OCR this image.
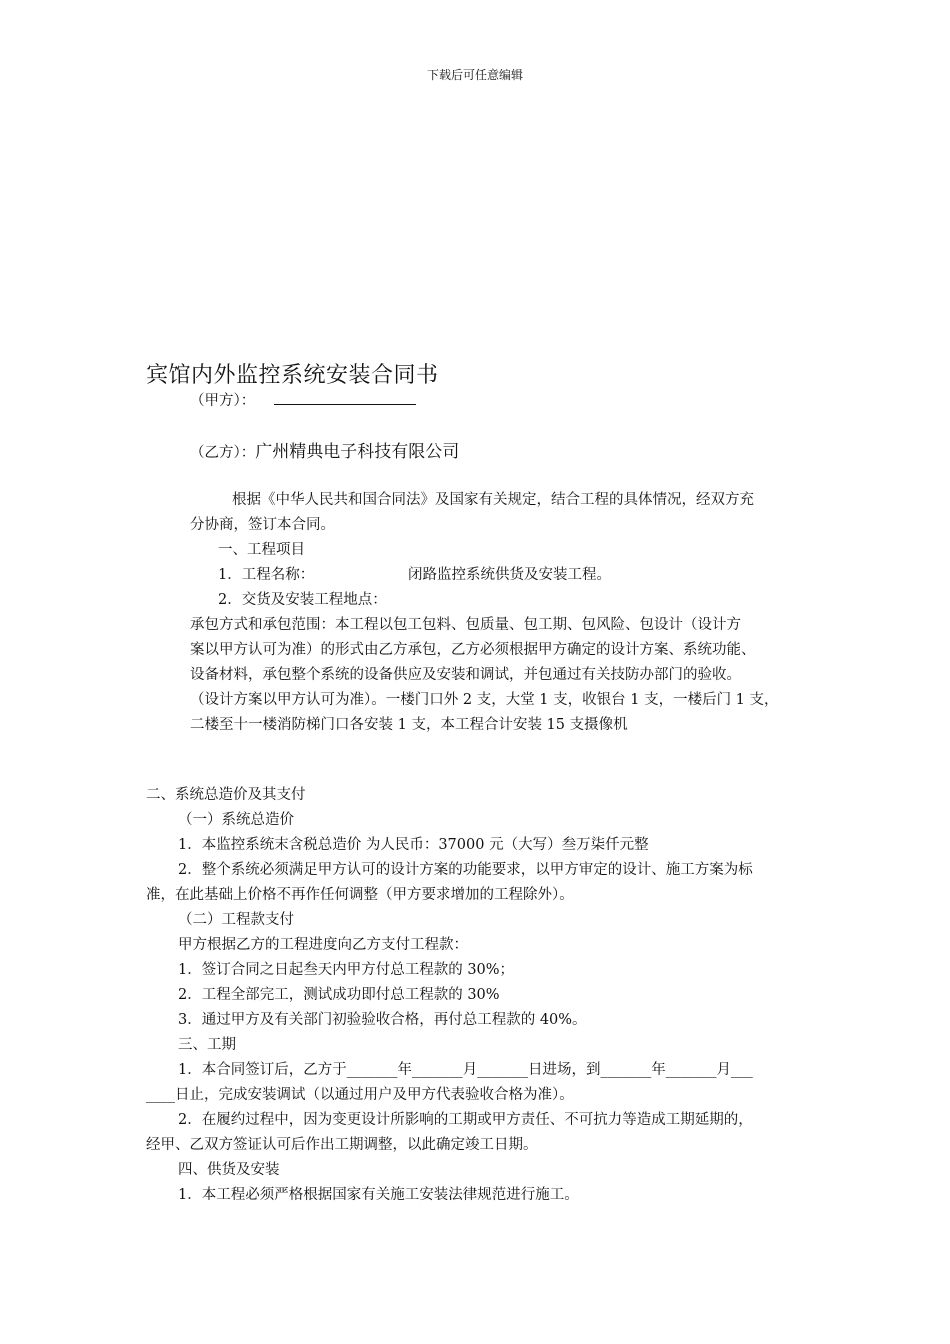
下载后可任意编辑
宾馆内外监控系统安装合同书
（甲方）：
（乙方）：广州精典电子科技有限公司
根据《中华人民共和国合同法》及国家有关规定，结合工程的具体情况，经双方充
分协商，签订本合同。
一、工程项目
1．工程名称：	闭路监控系统供货及安装工程。
2．交货及安装工程地点：
承包方式和承包范围：本工程以包工包料、包质量、包工期、包风险、包设计（设计方
案以甲方认可为准）的形式由乙方承包，乙方必须根据甲方确定的设计方案、系统功能、
设备材料，承包整个系统的设备供应及安装和调试，并包通过有关技防办部门的验收。
（设计方案以甲方认可为准）。一楼门口外 2 支，大堂 1 支，收银台 1 支，一楼后门 1 支，
二楼至十一楼消防梯门口各安装 1 支，本工程合计安装 15 支摄像机
二、系统总造价及其支付
（一）系统总造价
1．本监控系统末含税总造价 为人民币：37000 元（大写）叁万柒仟元整
2．整个系统必须满足甲方认可的设计方案的功能要求，以甲方审定的设计、施工方案为标
准，在此基础上价格不再作任何调整（甲方要求增加的工程除外）。
（二）工程款支付
甲方根据乙方的工程进度向乙方支付工程款：
1．签订合同之日起叁天内甲方付总工程款的 30%；
2．工程全部完工，测试成功即付总工程款的 30%
3．通过甲方及有关部门初验验收合格，再付总工程款的 40%。
三、工期
1．本合同签订后，乙方于_______年_______月_______日进场，到_______年_______月___
____日止，完成安装调试（以通过用户及甲方代表验收合格为准）。
2．在履约过程中，因为变更设计所影响的工期或甲方责任、不可抗力等造成工期延期的，
经甲、乙双方签证认可后作出工期调整，以此确定竣工日期。
四、供货及安装
1．本工程必须严格根据国家有关施工安装法律规范进行施工。
